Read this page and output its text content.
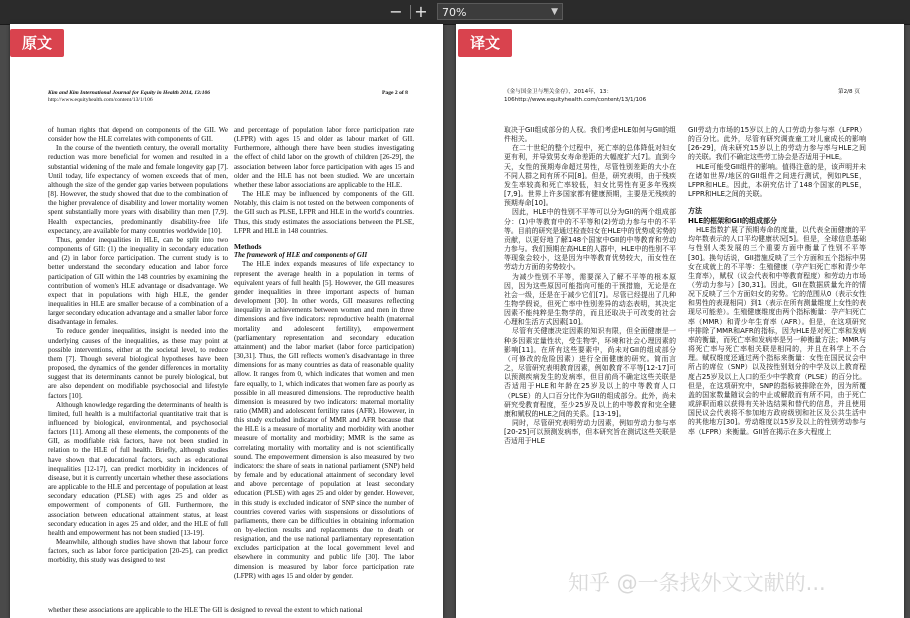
− +	70%	▼
原文
Kim and Kim International Journal for Equity in Health 2014, 13:106
http://www.equityhealth.com/content/13/1/106
Page 2 of 8

of human rights that depend on components of the GII. We consider how the HLE correlates with components of GII.

In the course of the twentieth century, the overall mortality reduction was more beneficial for women and resulted in a substantial widening of the male and female longevity gap [7]. Until today, life expectancy of women exceeds that of men, although the size of the gender gap varies between populations [8]. However, the study showed that due to the combination of the higher prevalence of disability and lower mortality women spent substantially more years with disability than men [7,9]. Health expectancies, predominantly disability-free life expectancy, are available for many countries worldwide [10].

Thus, gender inequalities in HLE, can be split into two components of GII: (1) the inequality in secondary education and (2) in labor force participation. The current study is to better understand the secondary education and labor force participation of GII within the 148 countries by examining the contribution of women's HLE advantage or disadvantage. We expect that in populations with high HLE, the gender inequalities in HLE are smaller because of a combination of a larger secondary education advantage and a smaller labor force disadvantage in females.

To reduce gender inequalities, insight is needed into the underlying causes of the inequalities, as these may point at possible interventions, either at the societal level, to reduce them [7]. Though several biological hypotheses have been proposed, the dynamics of the gender differences in mortality suggest that its determinants cannot be purely biological, but are also dependent on modifiable psychosocial and lifestyle factors [10].

Although knowledge regarding the determinants of health is limited, full health is a multifactorial quantitative trait that is influenced by biological, environmental, and psychosocial factors [11]. Among all these elements, the components of the GII, as modifiable risk factors, have not been studied in relation to the HLE of full health. Briefly, although studies have shown that educational factors, such as educational inequalities [12-17], can predict morbidity in incidences of disease, but it is currently uncertain whether these associations are applicable to the HLE and percentage of population at least secondary education (PLSE) with ages 25 and older as empowerment of components of GII. Furthermore, the association between educational attainment status, at least secondary education in ages 25 and older, and the HLE of full health and empowerment has not been studied [13-19].

Meanwhile, although studies have shown that labour force factors, such as labor force participation [20-25], can predict morbidity, this study was designed to test

and percentage of population labor force participation rate (LFPR) with ages 15 and older as labour market of GII. Furthermore, although there have been studies investigating the effect of child labor on the growth of children [26-29], the association between labor force participation with ages 15 and older and the HLE has not been studied. We are uncertain whether these labor associations are applicable to the HLE.

The HLE may be influenced by components of the GII. Notably, this claim is not tested on the between components of the GII such as PLSE, LFPR and HLE in the world's countries. Thus, this study estimates the associations between the PLSE, LFPR and HLE in 148 countries.

Methods
The framework of HLE and components of GII

The HLE index expands measures of life expectancy to represent the average health in a population in terms of equivalent years of full health [5]. However, the GII measures gender inequalities in three important aspects of human development [30]. In other words, GII measures reflecting inequality in achievements between women and men in three dimensions and five indicators: reproductive health (maternal mortality and adolescent fertility), empowerment (parliamentary representation and secondary education attainment) and the labor market (labor force participation) [30,31]. Thus, the GII reflects women's disadvantage in three dimensions for as many countries as data of reasonable quality allow. It ranges from 0, which indicates that women and men fare equally, to 1, which indicates that women fare as poorly as possible in all measured dimensions. The reproductive health dimension is measured by two indicators: maternal mortality ratio (MMR) and adolescent fertility rates (AFR). However, in this study excluded indicator of MMR and AFR because that the HLE is a measure of mortality and morbidity with another measure of mortality and morbidity; MMR is the same as correlating mortality with mortality and is not scientifically sound. The empowerment dimension is also measured by two indicators: the share of seats in national parliament (SNP) held by female and by educational attainment of secondary level and above percentage of population at least secondary education (PLSE) with ages 25 and older by gender. However, in this study is excluded indicator of SNP since the number of countries covered varies with suspensions or dissolutions of parliaments, there can be difficulties in obtaining information on by-election results and replacements due to death or resignation, and the use national parliamentary representation excludes participation at the local government level and elsewhere in community and public life [30]. The labor dimension is measured by labor force participation rate (LFPR) with ages 15 and older by gender.

whether these associations are applicable to the HLE The GII is designed to reveal the extent to which national
译文
《金与国金卫与埋关金存》，2014年，13：
106http://www.equityhealth.com/content/13/1/106
第2/8 页

取决于GII组成部分的人权。我们考虑HLE如何与GII的组件相关。

在二十世纪的整个过程中，死亡率的总体降低对妇女更有利，并导致男女寿命差距的大幅度扩大[7]。直到今天，女性的预期寿命超过男性，尽管性别差距的大小在不同人群之间有所不同[8]。但是，研究表明，由于残疾发生率较高和死亡率较低，妇女比男性有更多年残疾[7,9]。世界上许多国家都有健康预期，主要是无残疾的预期寿命[10]。

因此，HLE中的性别不平等可以分为GII的两个组成部分：(1)中等教育中的不平等和(2)劳动力参与中的不平等。目前的研究是通过检查妇女在HLE中的优势或劣势的贡献，以更好地了解148个国家中GII的中等教育和劳动力参与。我们预期在高HLE的人群中，HLE中的性别不平等现象会较小，这是因为中等教育优势较大，而女性在劳动力方面的劣势较小。

为减少性别不平等，需要深入了解不平等的根本原因，因为这些原因可能指向可能的干预措施，无论是在社会一级，还是在于减少它们[7]。尽管已经提出了几种生物学假说，但死亡率中性别差异的动态表明，其决定因素不能纯粹是生物学的，而且还取决于可改变的社会心理和生活方式因素[10]。

尽管有关健康决定因素的知识有限，但全面健康是一种多因素定量性状，受生物学，环境和社会心理因素的影响[11]。在所有这些要素中，尚未对GII的组成部分（可修改的危险因素）进行全面健康的研究。简而言之，尽管研究表明教育因素，例如教育不平等[12-17]可以预测疾病发生的发病率，但目前尚不确定这些关联是否适用于HLE和年龄在25岁及以上的中等教育人口（PLSE）的人口百分比作为GII的组成部分。此外，尚未研究受教育程度，至少25岁及以上的中等教育和完全健康和赋权的HLE之间的关系。[13-19]。

同时，尽管研究表明劳动力因素，例如劳动力参与率[20-25]可以预测发病率，但本研究旨在测试这些关联是否适用于HLE

GII劳动力市场的15岁以上的人口劳动力参与率（LFPR）的百分比。此外，尽管有研究调查童工对儿童成长的影响[26-29]，尚未研究15岁以上的劳动力参与率与HLE之间的关联。我们不确定这些劳工协会是否适用于HLE。

HLE可能受GII组件的影响。值得注意的是，该声明并未在诸如世界/地区的GII组件之间进行测试，例如PLSE，LFPR和HLE。因此，本研究估计了148个国家的PLSE，LFPR和HLE之间的关联。

方法
HLE的框架和GII的组成部分

HLE指数扩展了预期寿命的度量，以代表全面健康的平均年数表示的人口平均健康状况[5]。但是，全球信息基础与性别人类发展的三个重要方面中衡量了性别不平等[30]。换句话说，GII措施反映了三个方面和五个指标中男女在成就上的不平等：生殖健康（孕产妇死亡率和青少年生育率），赋权（议会代表和中等教育程度）和劳动力市场（劳动力参与）[30,31]。因此，GII在数据质量允许的情况下反映了三个方面妇女的劣势。它的范围从0（表示女性和男性的表现相同）到1（表示在所有测量维度上女性的表现尽可能差）。生殖健康维度由两个指标衡量：孕产妇死亡率（MMR）和青少年生育率（AFR）。但是，在这项研究中排除了MMR和AFR的指标，因为HLE是对死亡率和发病率的衡量，而死亡率和发病率是另一种衡量方法；MMR与将死亡率与死亡率相关联是相同的，并且在科学上不合理。赋权维度还通过两个指标来衡量：女性在国民议会中所占的席位（SNP）以及按性别划分的中学及以上教育程度占25岁及以上人口的至少中学教育（PLSE）的百分比。但是，在这项研究中，SNP的指标被排除在外，因为所覆盖的国家数量随议会的中止或解散而有所不同，由于死亡或辞职而难以获得有关补选结果和替代的信息，并且使用国民议会代表将不参加地方政府级别和社区及公共生活中的其他地方[30]。劳动维度以15岁及以上的性别劳动参与率（LFPR）来衡量。GII旨在揭示在多大程度上

知乎 @一条找外文文献的...
